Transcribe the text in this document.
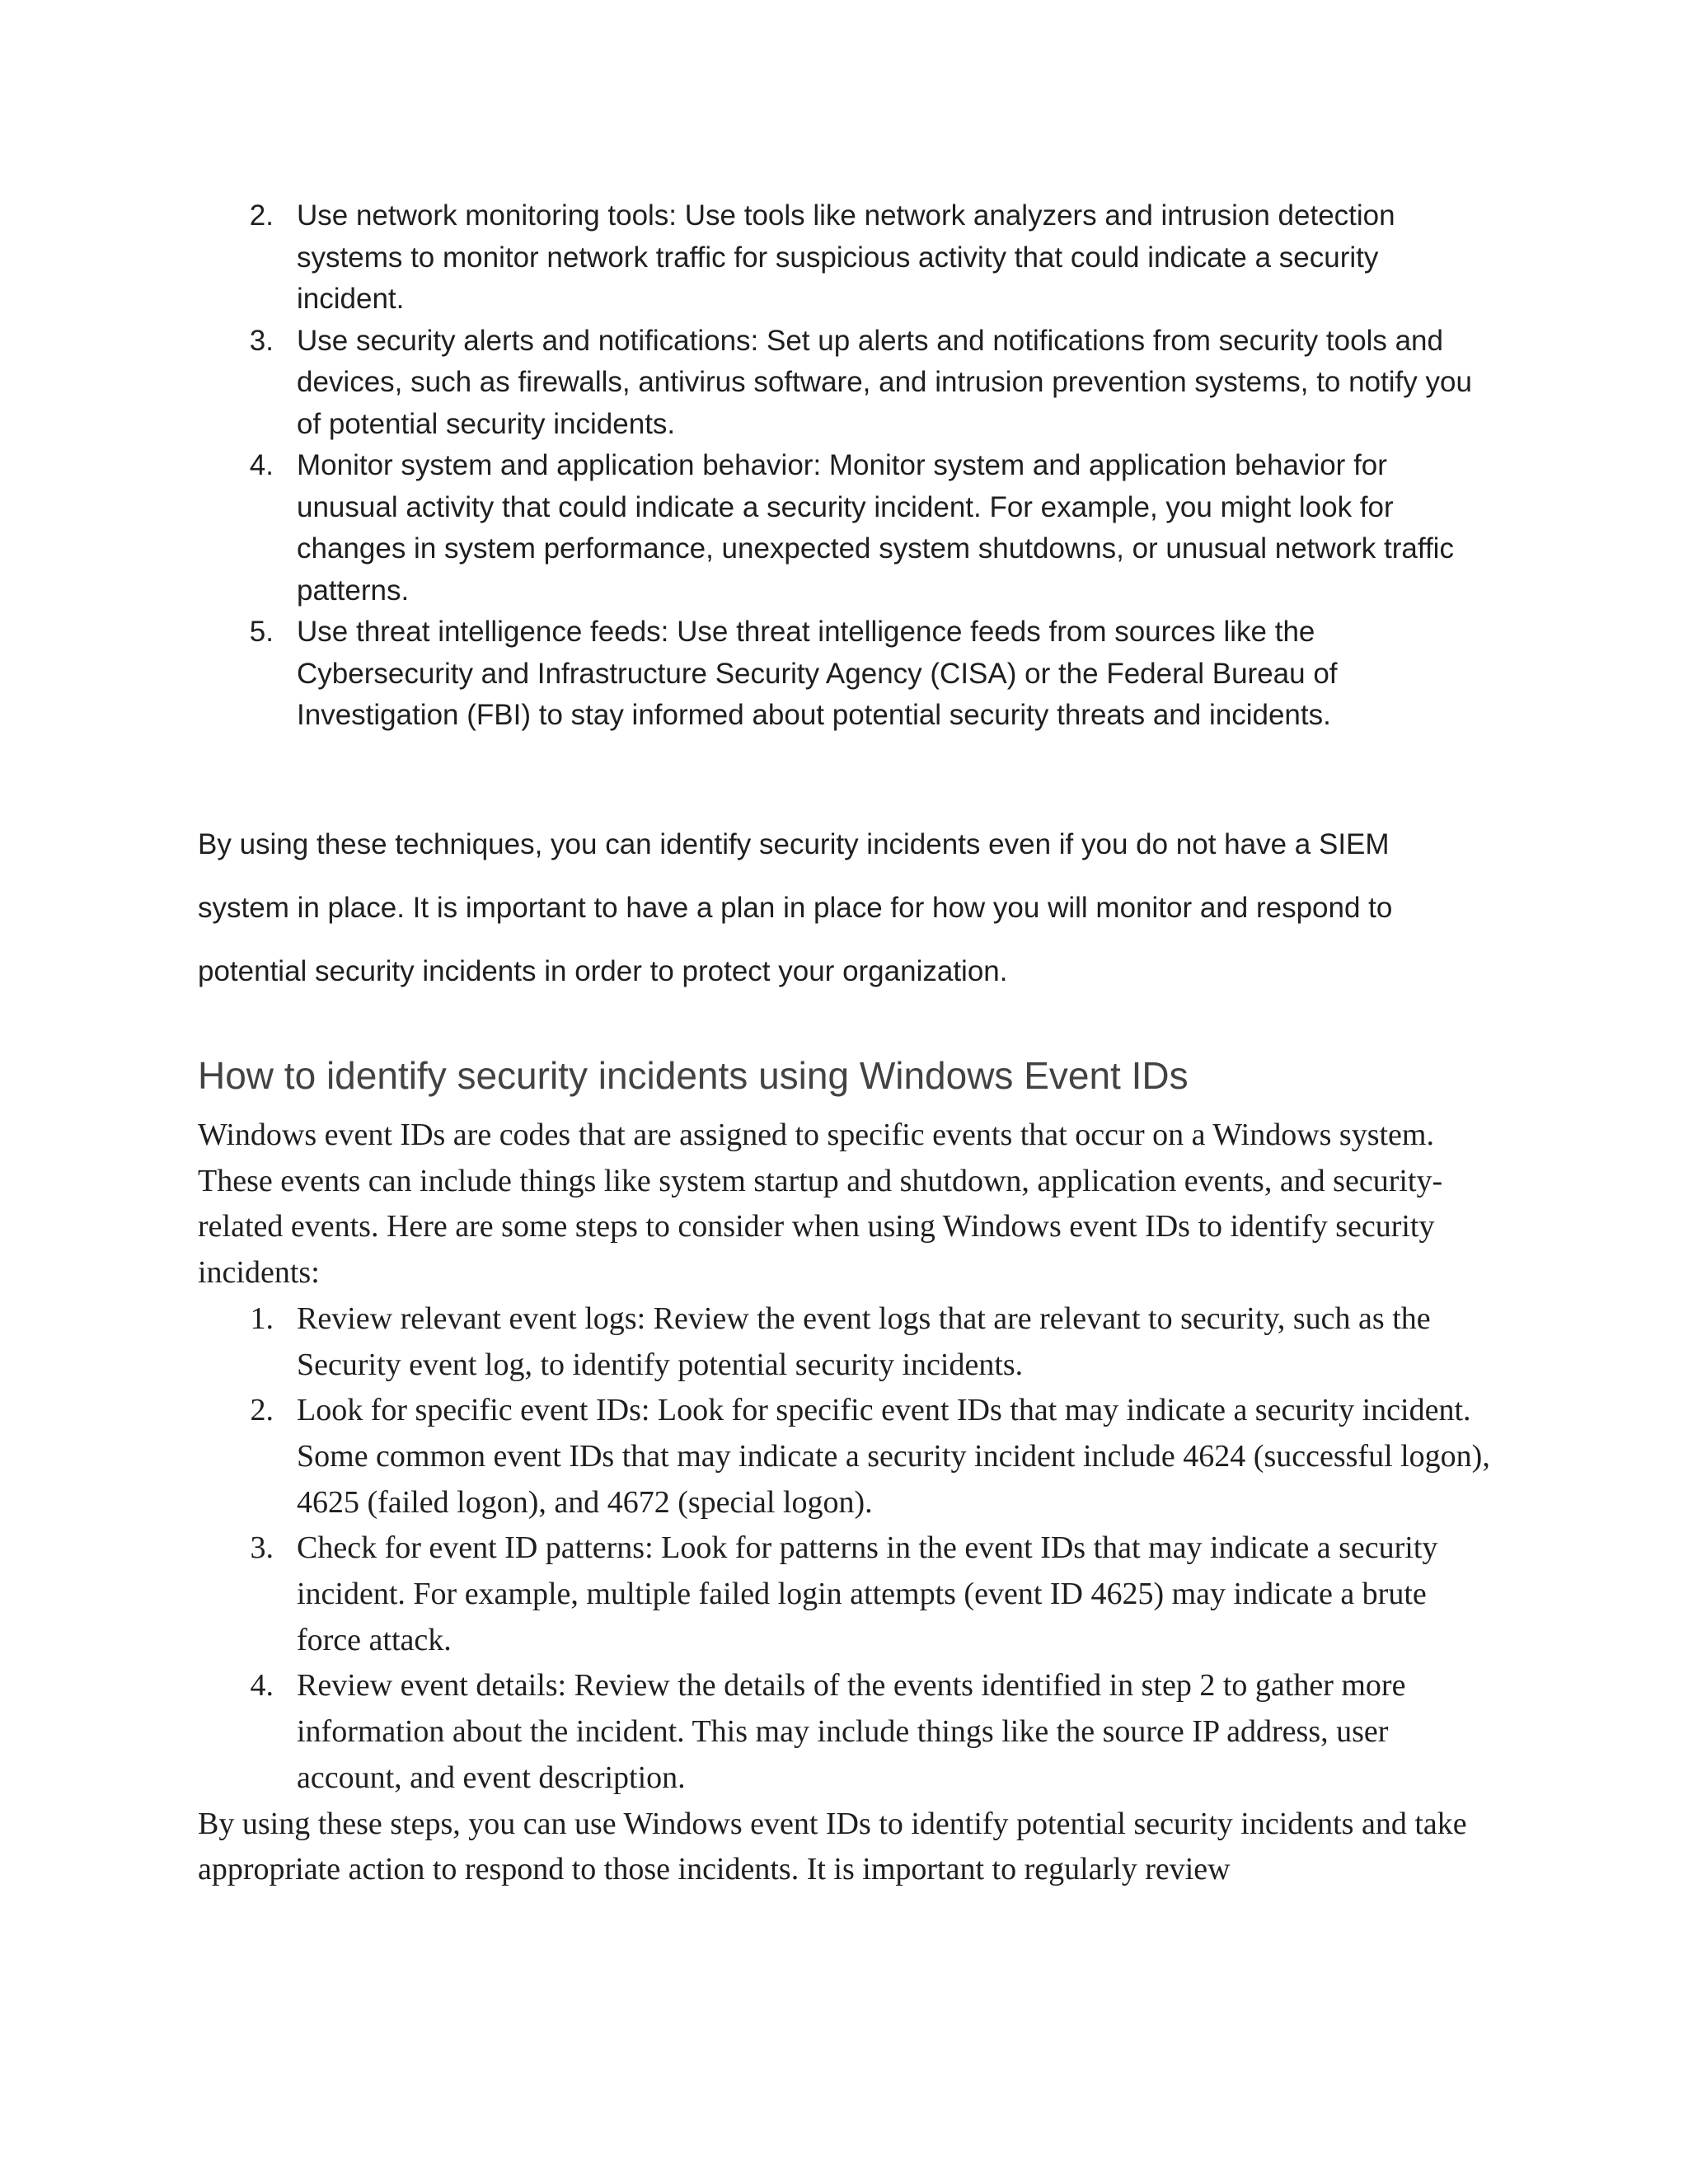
2. Use network monitoring tools: Use tools like network analyzers and intrusion detection systems to monitor network traffic for suspicious activity that could indicate a security incident.
3. Use security alerts and notifications: Set up alerts and notifications from security tools and devices, such as firewalls, antivirus software, and intrusion prevention systems, to notify you of potential security incidents.
4. Monitor system and application behavior: Monitor system and application behavior for unusual activity that could indicate a security incident. For example, you might look for changes in system performance, unexpected system shutdowns, or unusual network traffic patterns.
5. Use threat intelligence feeds: Use threat intelligence feeds from sources like the Cybersecurity and Infrastructure Security Agency (CISA) or the Federal Bureau of Investigation (FBI) to stay informed about potential security threats and incidents.

By using these techniques, you can identify security incidents even if you do not have a SIEM system in place. It is important to have a plan in place for how you will monitor and respond to potential security incidents in order to protect your organization.

How to identify security incidents using Windows Event IDs

Windows event IDs are codes that are assigned to specific events that occur on a Windows system. These events can include things like system startup and shutdown, application events, and security-related events. Here are some steps to consider when using Windows event IDs to identify security incidents:

1. Review relevant event logs: Review the event logs that are relevant to security, such as the Security event log, to identify potential security incidents.
2. Look for specific event IDs: Look for specific event IDs that may indicate a security incident. Some common event IDs that may indicate a security incident include 4624 (successful logon), 4625 (failed logon), and 4672 (special logon).
3. Check for event ID patterns: Look for patterns in the event IDs that may indicate a security incident. For example, multiple failed login attempts (event ID 4625) may indicate a brute force attack.
4. Review event details: Review the details of the events identified in step 2 to gather more information about the incident. This may include things like the source IP address, user account, and event description.

By using these steps, you can use Windows event IDs to identify potential security incidents and take appropriate action to respond to those incidents. It is important to regularly review
